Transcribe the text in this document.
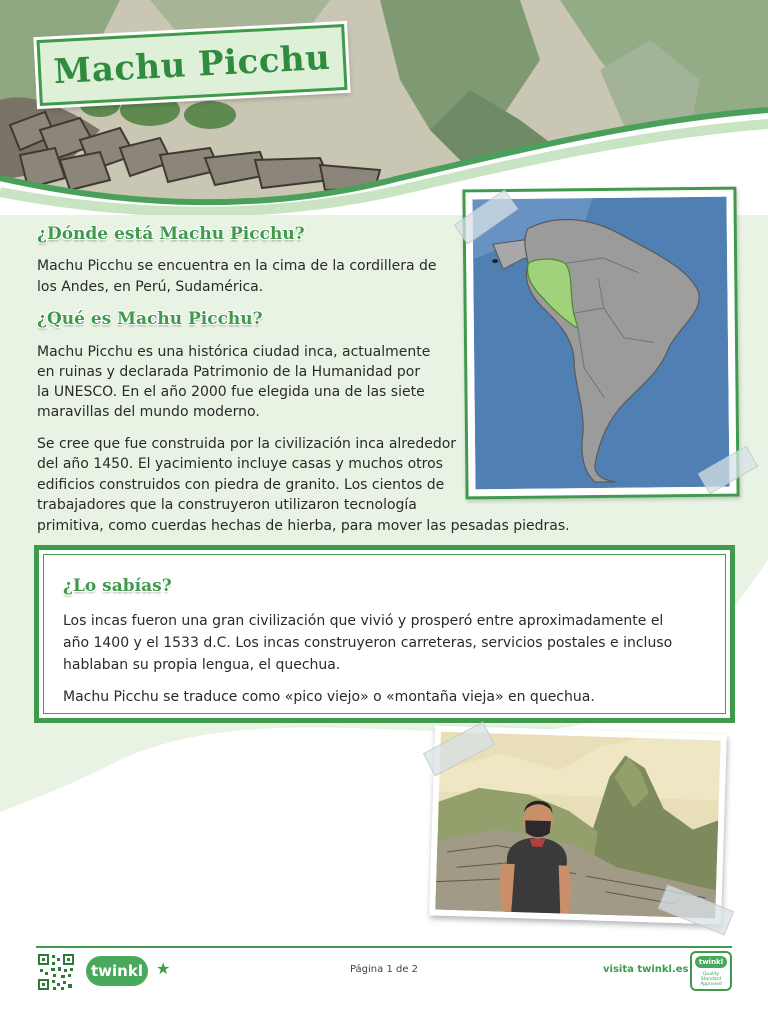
Machu Picchu
¿Dónde está Machu Picchu?

Machu Picchu se encuentra en la cima de la cordillera de

los Andes, en Perú, Sudamérica.

¿Qué es Machu Picchu?

Machu Picchu es una histórica ciudad inca, actualmente

en ruinas y declarada Patrimonio de la Humanidad por

la UNESCO. En el año 2000 fue elegida una de las siete

maravillas del mundo moderno.

Se cree que fue construida por la civilización inca alrededor

del año 1450. El yacimiento incluye casas y muchos otros

edificios construidos con piedra de granito. Los cientos de

trabajadores que la construyeron utilizaron tecnología

primitiva, como cuerdas hechas de hierba, para mover las pesadas piedras.

¿Lo sabías?

Los incas fueron una gran civilización que vivió y prosperó entre aproximadamente el

año 1400 y el 1533 d.C. Los incas construyeron carreteras, servicios postales e incluso

hablaban su propia lengua, el quechua.

Machu Picchu se traduce como «pico viejo» o «montaña vieja» en quechua.

twinkl ★	Página 1 de 2	visita twinkl.es
twinkl
Quality Standard Approved
